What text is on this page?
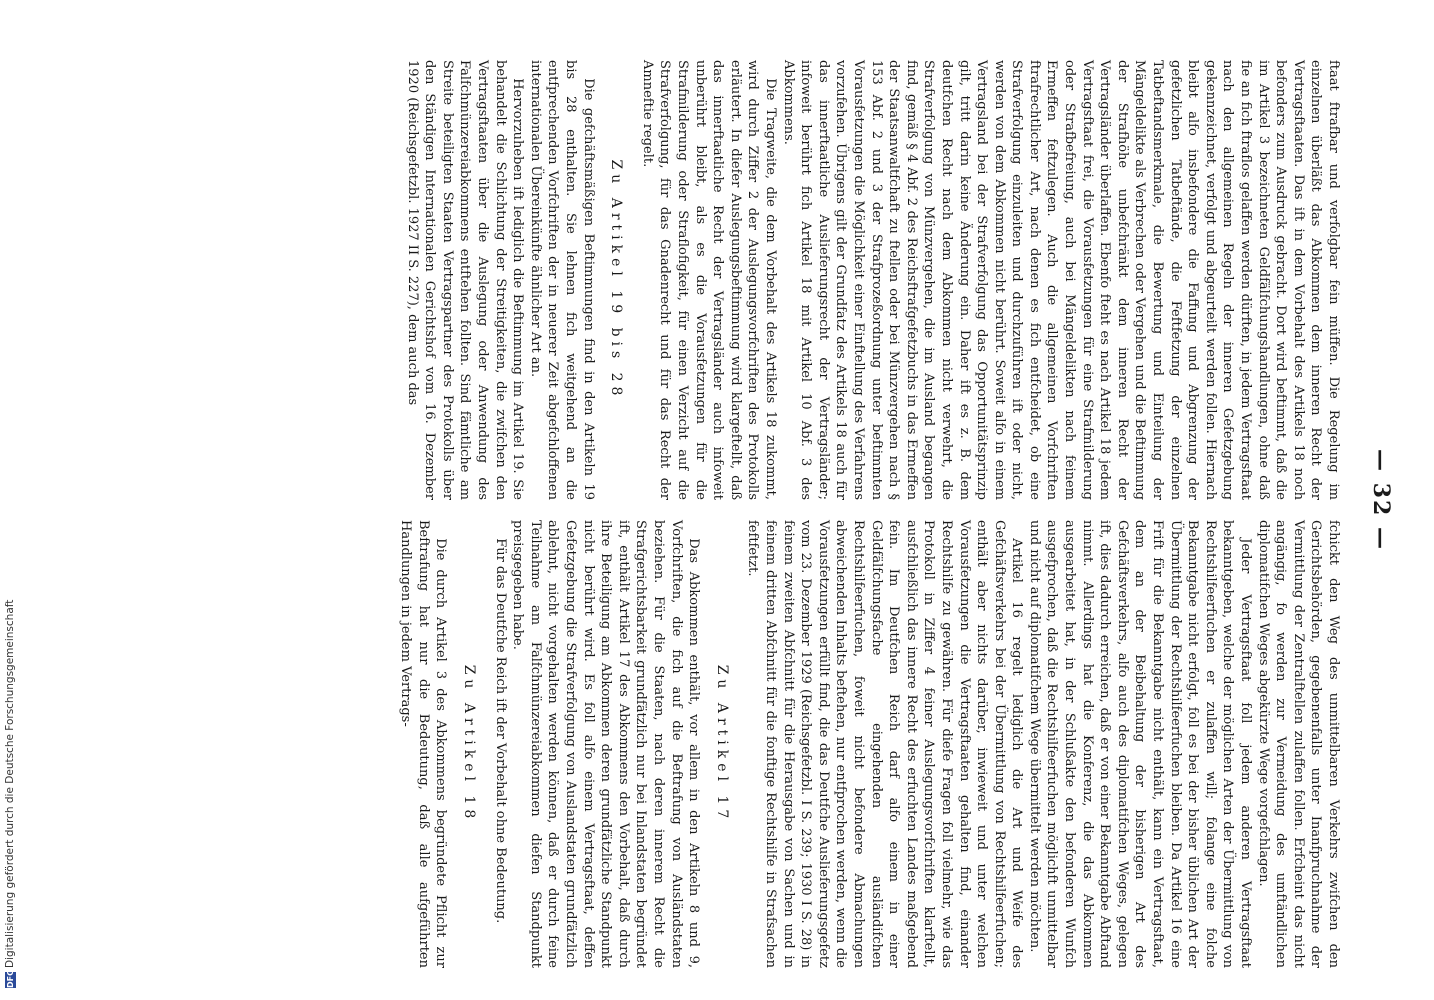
— 32 —

ftaat ftrafbar und verfolgbar fein müffen. Die Regelung im einzelnen überläßt das Abkommen dem inneren Recht der Vertragsftaaten. Das ift in dem Vorbehalt des Artikels 18 noch befonders zum Ausdruck gebracht. Dort wird beftimmt, daß die im Artikel 3 bezeichneten Geldfälfchungshandlungen, ohne daß fie an fich ftraflos gelaffen werden dürften, in jedem Vertragsftaat nach den allgemeinen Regeln der inneren Gefetzgebung gekennzeichnet, verfolgt und abgeurteilt werden follen. Hiernach bleibt alfo insbefondere die Faffung und Abgrenzung der gefetzlichen Tatbeftände, die Feftfetzung der einzelnen Tatbeftandsmerkmale, die Bewertung und Einteilung der Mängeldelikte als Verbrechen oder Vergehen und die Beftimmung der Strafhöhe unbefchränkt dem inneren Recht der Vertragsländer überlaffen. Ebenfo fteht es nach Artikel 18 jedem Vertragsftaat frei, die Vorausfetzungen für eine Strafmilderung oder Strafbefreiung, auch bei Mängeldelikten nach feinem Ermeffen feftzulegen. Auch die allgemeinen Vorfchriften ftrafrechtlicher Art, nach denen es fich entfcheidet, ob eine Strafverfolgung einzuleiten und durchzuführen ift oder nicht, werden von dem Abkommen nicht berührt. Soweit alfo in einem Vertragsland bei der Strafverfolgung das Opportunitätsprinzip gilt, tritt darin keine Änderung ein. Daher ift es z. B. dem deutfchen Recht nach dem Abkommen nicht verwehrt, die Strafverfolgung von Münzvergehen, die im Ausland begangen find, gemäß § 4 Abf. 2 des Reichsftrafgefetzbuchs in das Ermeffen der Staatsanwaltfchaft zu ftellen oder bei Münzvergehen nach § 153 Abf. 2 und 3 der Strafprozeßordnung unter beftimmten Vorausfetzungen die Möglichkeit einer Einftellung des Verfahrens vorzufehen. Übrigens gilt der Grundfatz des Artikels 18 auch für das innerftaatliche Auslieferungsrecht der Vertragsländer; infoweit berührt fich Artikel 18 mit Artikel 10 Abf. 3 des Abkommens.

Die Tragweite, die dem Vorbehalt des Artikels 18 zukommt, wird durch Ziffer 2 der Auslegungsvorfchriften des Protokolls erläutert. In diefer Auslegungsbeftimmung wird klargeftellt, daß das innerftaatliche Recht der Vertragsländer auch infoweit unberührt bleibt, als es die Vorausfetzungen für die Strafmilderung oder Straflofigkeit, für einen Verzicht auf die Strafverfolgung, für das Gnadenrecht und für das Recht der Amneftie regelt.

Zu Artikel 19 bis 28

Die gefchäftsmäßigen Beftimmungen find in den Artikeln 19 bis 28 enthalten. Sie lehnen fich weitgehend an die entfprechenden Vorfchriften der in neuerer Zeit abgefchloffenen internationalen Übereinkünfte ähnlicher Art an.

Hervorzuheben ift lediglich die Beftimmung im Artikel 19. Sie behandelt die Schlichtung der Streitigkeiten, die zwifchen den Vertragsftaaten über die Auslegung oder Anwendung des Falfchmünzereiabkommens entftehen follten. Sind fämtliche am Streite beteiligten Staaten Vertragspartner des Protokolls über den Ständigen Internationalen Gerichtshof vom 16. Dezember 1920 (Reichsgefetzbl. 1927 II S. 227), dem auch das

fchickt den Weg des unmittelbaren Verkehrs zwifchen den Gerichtsbehörden, gegebenenfalls unter Inanfpruchnahme der Vermittlung der Zentralftellen zulaffen follen. Erfcheint das nicht angängig, fo werden zur Vermeidung des umftändlichen diplomatifchen Weges abgekürzte Wege vorgefchlagen.

Jeder Vertragsftaat foll jedem anderen Vertragsftaat bekanntgeben, welche der möglichen Arten der Übermittlung von Rechtshilfeerfuchen er zulaffen will; folange eine folche Bekanntgabe nicht erfolgt, foll es bei der bisher üblichen Art der Übermittlung der Rechtshilfeerfuchen bleiben. Da Artikel 16 eine Frift für die Bekanntgabe nicht enthält, kann ein Vertragsftaat, dem an der Beibehaltung der bisherigen Art des Gefchäftsverkehrs, alfo auch des diplomatifchen Weges, gelegen ift, dies dadurch erreichen, daß er von einer Bekanntgabe Abftand nimmt. Allerdings hat die Konferenz, die das Abkommen ausgearbeitet hat, in der Schlußakte den befonderen Wunfch ausgefprochen, daß die Rechtshilfeerfuchen möglichft unmittelbar und nicht auf diplomatifchem Wege übermittelt werden möchten.

Artikel 16 regelt lediglich die Art und Weife des Gefchäftsverkehrs bei der Übermittlung von Rechtshilfeerfuchen; enthält aber nichts darüber, inwieweit und unter welchen Vorausfetzungen die Vertragsftaaten gehalten find, einander Rechtshilfe zu gewähren. Für diefe Fragen foll vielmehr, wie das Protokoll in Ziffer 4 feiner Auslegungsvorfchriften klarftellt, ausfchließlich das innere Recht des erfuchten Landes maßgebend fein. Im Deutfchen Reich darf alfo einem in einer Geldfälfchungsfache eingehenden ausländifchen Rechtshilfeerfuchen, foweit nicht befondere Abmachungen abweichenden Inhalts beftehen, nur entfprochen werden, wenn die Vorausfetzungen erfüllt find, die das Deutfche Auslieferungsgefetz vom 23. Dezember 1929 (Reichsgefetzbl. I S. 239; 1930 I S. 28) in feinem zweiten Abfchnitt für die Herausgabe von Sachen und in feinem dritten Abfchnitt für die fonftige Rechtshilfe in Strafsachen feftfetzt.

Zu Artikel 17

Das Abkommen enthält, vor allem in den Artikeln 8 und 9, Vorfchriften, die fich auf die Beftrafung von Ausländstaten beziehen. Für die Staaten, nach deren innerem Recht die Strafgerichtsbarkeit grundfätzlich nur bei Inlandstaten begründet ift, enthält Artikel 17 des Abkommens den Vorbehalt, daß durch ihre Beteiligung am Abkommen deren grundfätzliche Standpunkt nicht berührt wird. Es foll alfo einem Vertragsftaat, deffen Gefetzgebung die Strafverfolgung von Auslandstaten grundfätzlich ablehnt, nicht vorgehalten werden können, daß er durch feine Teilnahme am Falfchmünzereiabkommen diefen Standpunkt preisgegeben habe.

Für das Deutfche Reich ift der Vorbehalt ohne Bedeutung.

Zu Artikel 18

Die durch Artikel 3 des Abkommens begründete Pflicht zur Beftrafung hat nur die Bedeutung, daß alle aufgeführten Handlungen in jedem Vertrags-

DFGDigitalisierung gefördert durch die Deutsche Forschungsgemeinschaft
